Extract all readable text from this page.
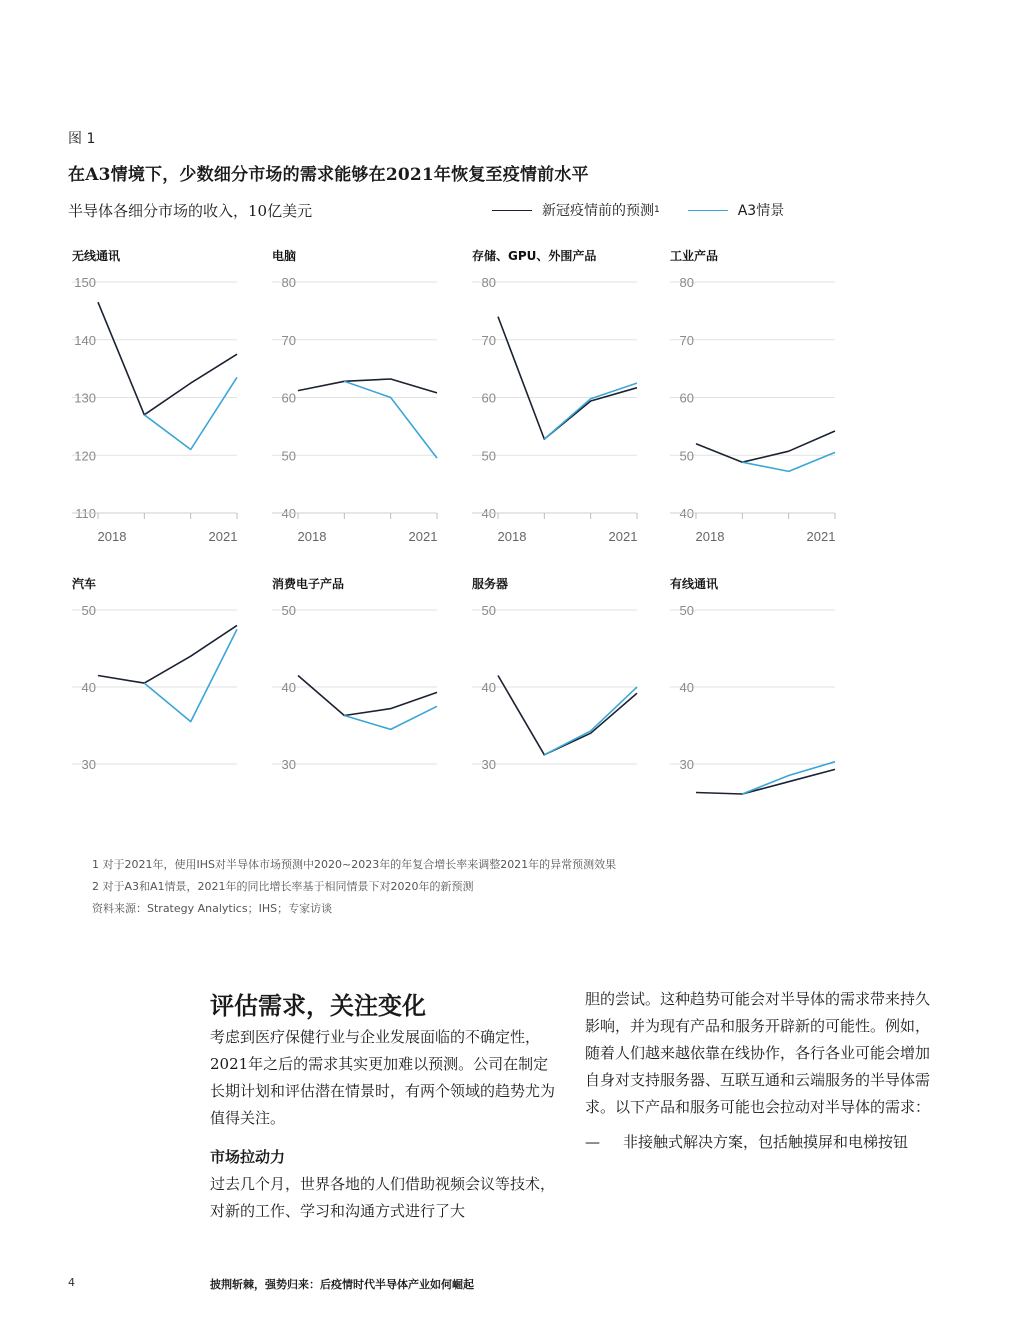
图 1
在A3情境下，少数细分市场的需求能够在2021年恢复至疫情前水平
半导体各细分市场的收入，10亿美元	新冠疫情前的预测 1	A3情景
无线通讯
150
140
130
120
110
2018	2021
电脑
80
70
60
50
40
2018	2021
存储、GPU、外围产品
80
70
60
50
40
2018	2021
工业产品
80
70
60
50
40
2018	2021
汽车
50
40
30
消费电子产品
50
40
30
服务器
50
40
30
有线通讯
50
40
30
1 对于2021年，使用IHS对半导体市场预测中2020~2023年的年复合增长率来调整2021年的异常预测效果
2 对于A3和A1情景，2021年的同比增长率基于相同情景下对2020年的新预测
资料来源：Strategy Analytics；IHS；专家访谈
评估需求，关注变化

考虑到医疗保健行业与企业发展面临的不确定性，2021年之后的需求其实更加难以预测。公司在制定长期计划和评估潜在情景时，有两个领域的趋势尤为值得关注。

市场拉动力

过去几个月，世界各地的人们借助视频会议等技术，对新的工作、学习和沟通方式进行了大

胆的尝试。这种趋势可能会对半导体的需求带来持久影响，并为现有产品和服务开辟新的可能性。例如，随着人们越来越依靠在线协作，各行各业可能会增加自身对支持服务器、互联互通和云端服务的半导体需求。以下产品和服务可能也会拉动对半导体的需求：

—	非接触式解决方案，包括触摸屏和电梯按钮
4	披荆斩棘，强势归来：后疫情时代半导体产业如何崛起
